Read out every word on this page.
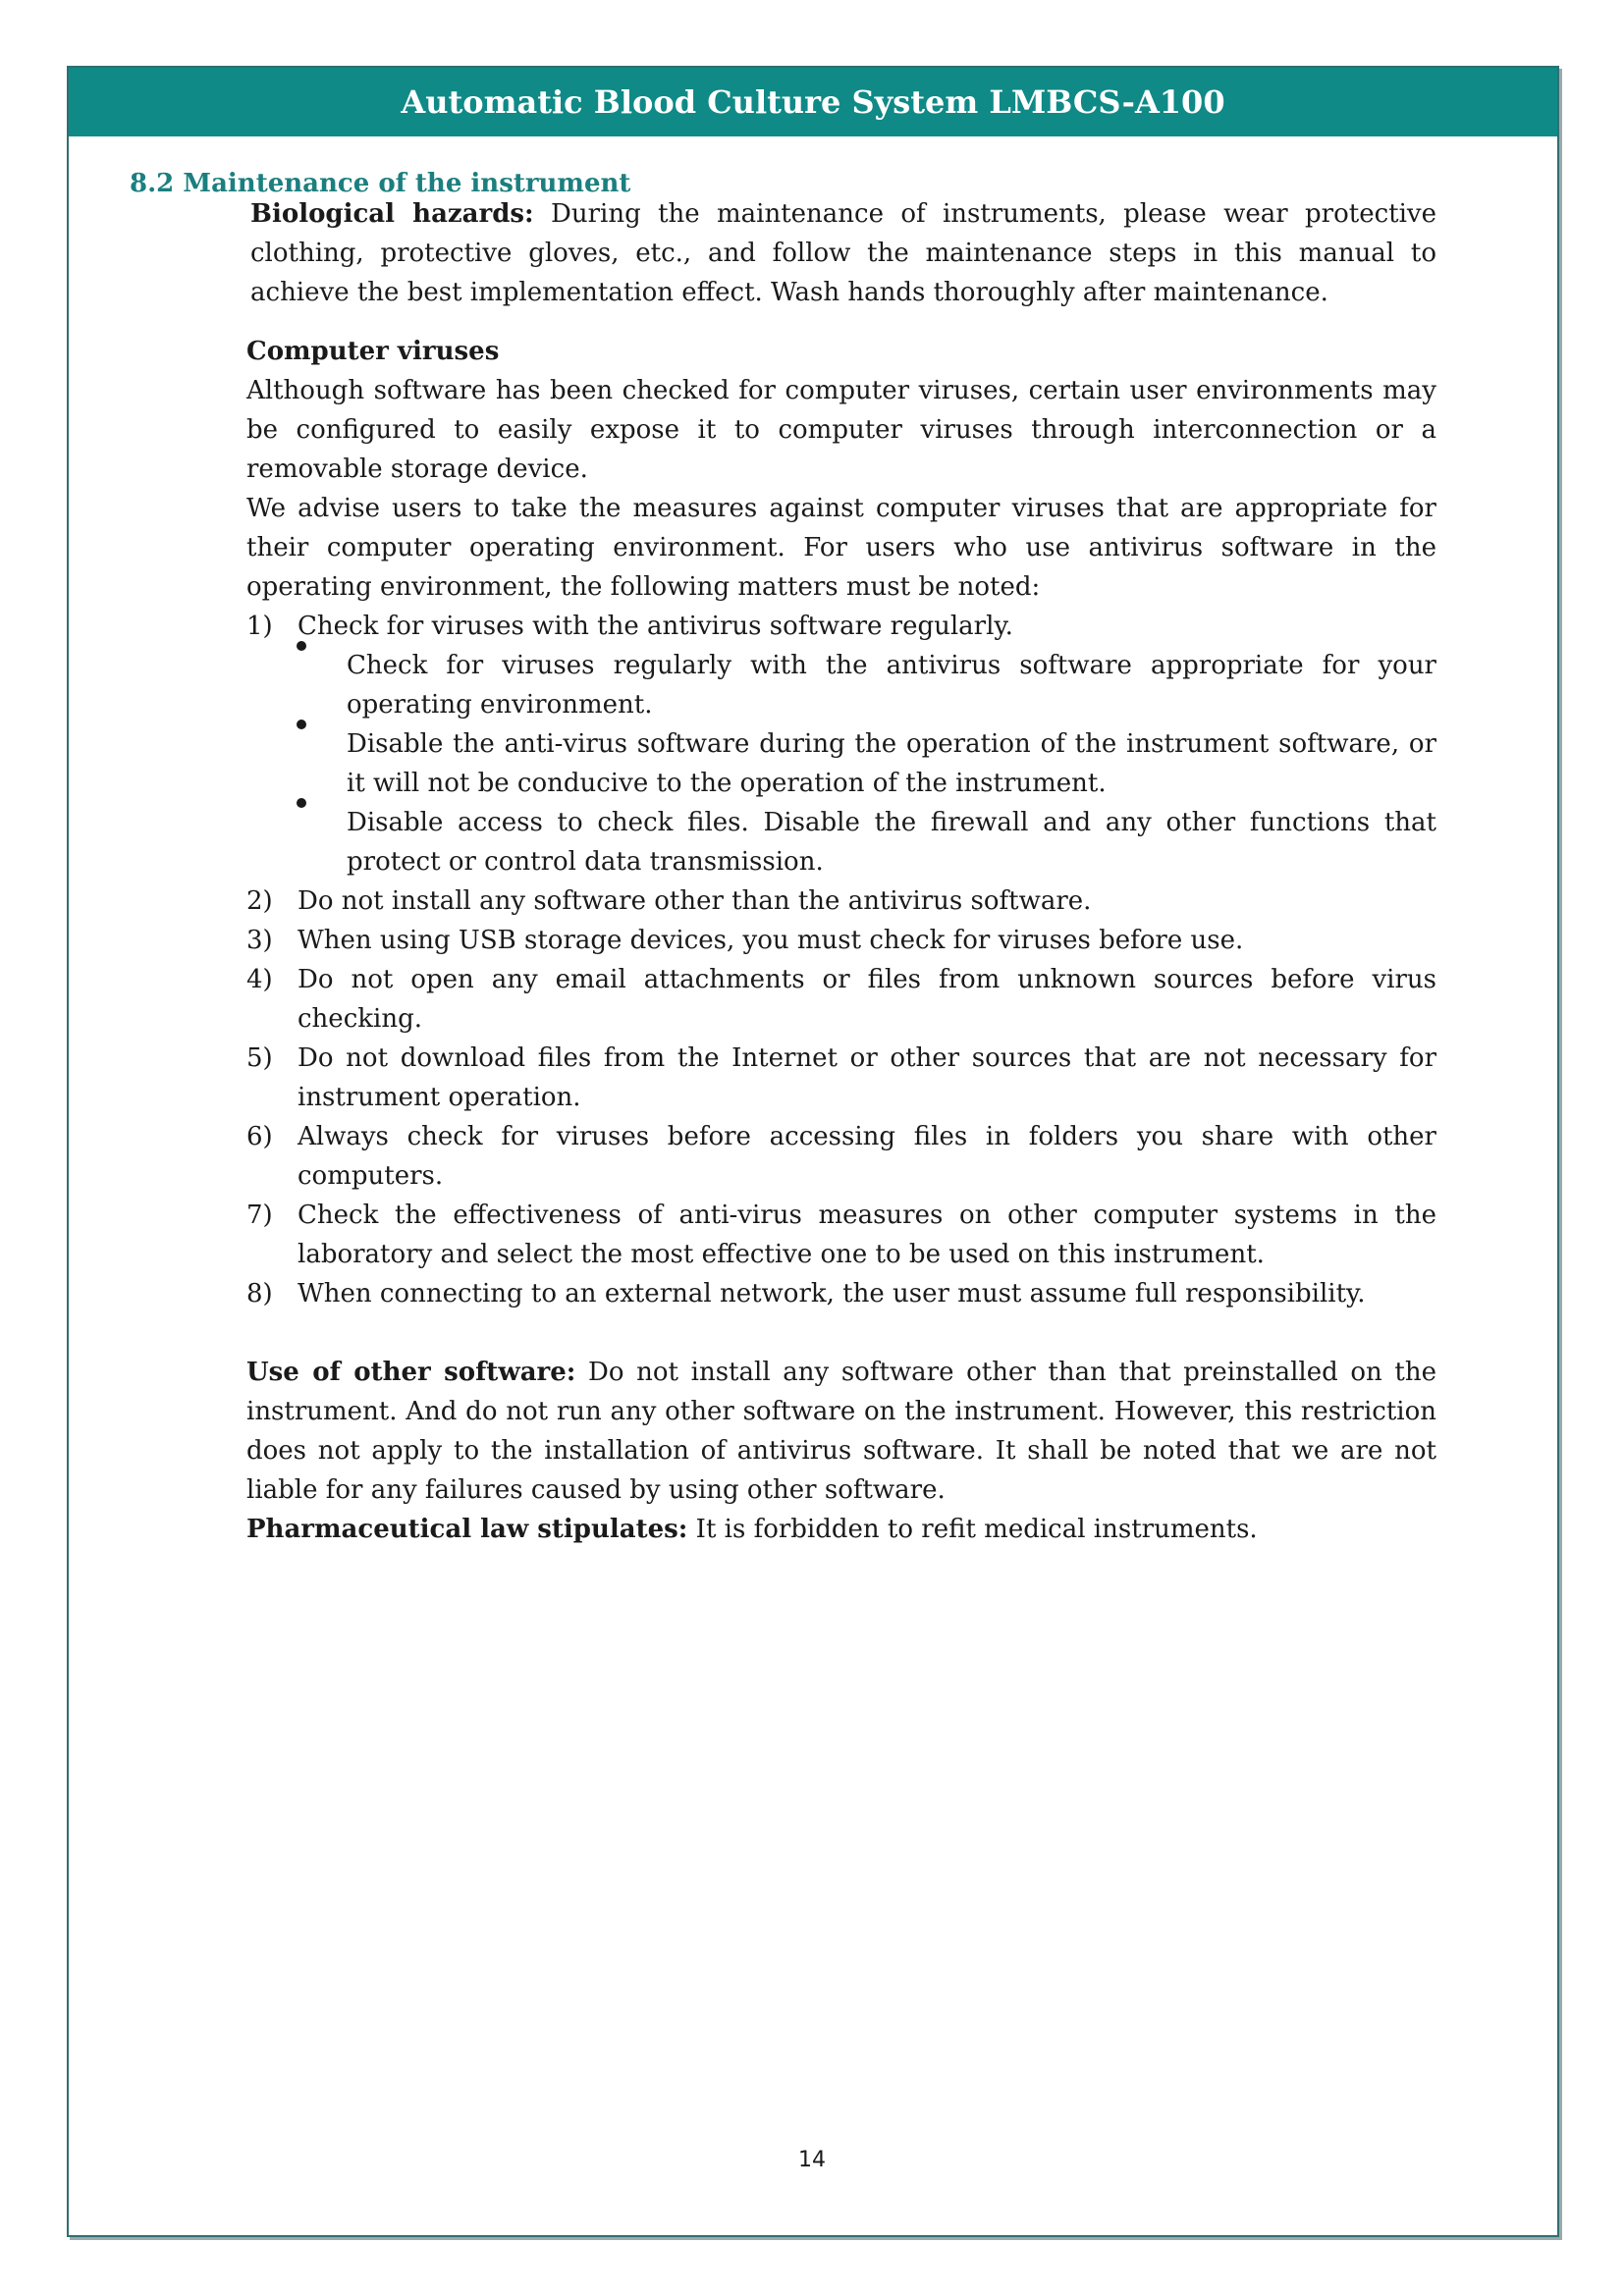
Automatic Blood Culture System LMBCS-A100
8.2 Maintenance of the instrument
Biological hazards: During the maintenance of instruments, please wear protective clothing, protective gloves, etc., and follow the maintenance steps in this manual to achieve the best implementation effect. Wash hands thoroughly after maintenance.
Computer viruses
Although software has been checked for computer viruses, certain user environments may be configured to easily expose it to computer viruses through interconnection or a removable storage device.
We advise users to take the measures against computer viruses that are appropriate for their computer operating environment. For users who use antivirus software in the operating environment, the following matters must be noted:
1) Check for viruses with the antivirus software regularly.
Check for viruses regularly with the antivirus software appropriate for your operating environment.
Disable the anti-virus software during the operation of the instrument software, or it will not be conducive to the operation of the instrument.
Disable access to check files. Disable the firewall and any other functions that protect or control data transmission.
2) Do not install any software other than the antivirus software.
3) When using USB storage devices, you must check for viruses before use.
4) Do not open any email attachments or files from unknown sources before virus checking.
5) Do not download files from the Internet or other sources that are not necessary for instrument operation.
6) Always check for viruses before accessing files in folders you share with other computers.
7) Check the effectiveness of anti-virus measures on other computer systems in the laboratory and select the most effective one to be used on this instrument.
8) When connecting to an external network, the user must assume full responsibility.
Use of other software: Do not install any software other than that preinstalled on the instrument. And do not run any other software on the instrument. However, this restriction does not apply to the installation of antivirus software. It shall be noted that we are not liable for any failures caused by using other software.
Pharmaceutical law stipulates: It is forbidden to refit medical instruments.
14
